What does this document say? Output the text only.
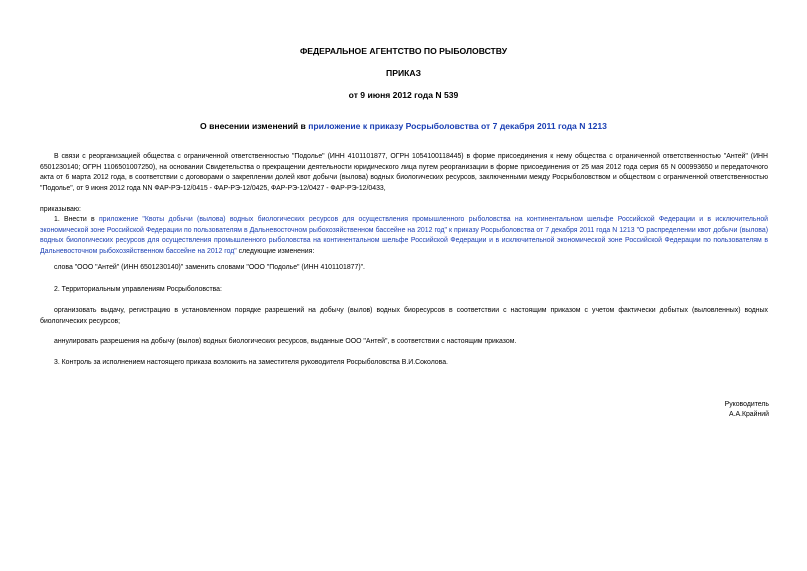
ФЕДЕРАЛЬНОЕ АГЕНТСТВО ПО РЫБОЛОВСТВУ
ПРИКАЗ
от 9 июня 2012 года N 539
О внесении изменений в приложение к приказу Росрыболовства от 7 декабря 2011 года N 1213

В связи с реорганизацией общества с ограниченной ответственностью "Подолье" (ИНН 4101101877, ОГРН 1054100118445) в форме присоединения к нему общества с ограниченной ответственностью "Антей" (ИНН 6501230140; ОГРН 1106501007250), на основании Свидетельства о прекращении деятельности юридического лица путем реорганизации в форме присоединения от 25 мая 2012 года серия 65 N 000993650 и передаточного акта от 6 марта 2012 года, в соответствии с договорами о закреплении долей квот добычи (вылова) водных биологических ресурсов, заключенными между Росрыболовством и обществом с ограниченной ответственностью "Подолье", от 9 июня 2012 года NN ФАР-РЭ-12/0415 - ФАР-РЭ-12/0425, ФАР-РЭ-12/0427 - ФАР-РЭ-12/0433,

приказываю:

1. Внести в приложение "Квоты добычи (вылова) водных биологических ресурсов для осуществления промышленного рыболовства на континентальном шельфе Российской Федерации и в исключительной экономической зоне Российской Федерации по пользователям в Дальневосточном рыбохозяйственном бассейне на 2012 год" к приказу Росрыболовства от 7 декабря 2011 года N 1213 "О распределении квот добычи (вылова) водных биологических ресурсов для осуществления промышленного рыболовства на континентальном шельфе Российской Федерации и в исключительной экономической зоне Российской Федерации по пользователям в Дальневосточном рыбохозяйственном бассейне на 2012 год" следующие изменения:

слова "ООО "Антей" (ИНН 6501230140)" заменить словами "ООО "Подолье" (ИНН 4101101877)".

2. Территориальным управлениям Росрыболовства:

организовать выдачу, регистрацию в установленном порядке разрешений на добычу (вылов) водных биоресурсов в соответствии с настоящим приказом с учетом фактически добытых (выловленных) водных биологических ресурсов;

аннулировать разрешения на добычу (вылов) водных биологических ресурсов, выданные ООО "Антей", в соответствии с настоящим приказом.

3. Контроль за исполнением настоящего приказа возложить на заместителя руководителя Росрыболовства В.И.Соколова.

Руководитель
А.А.Крайний
